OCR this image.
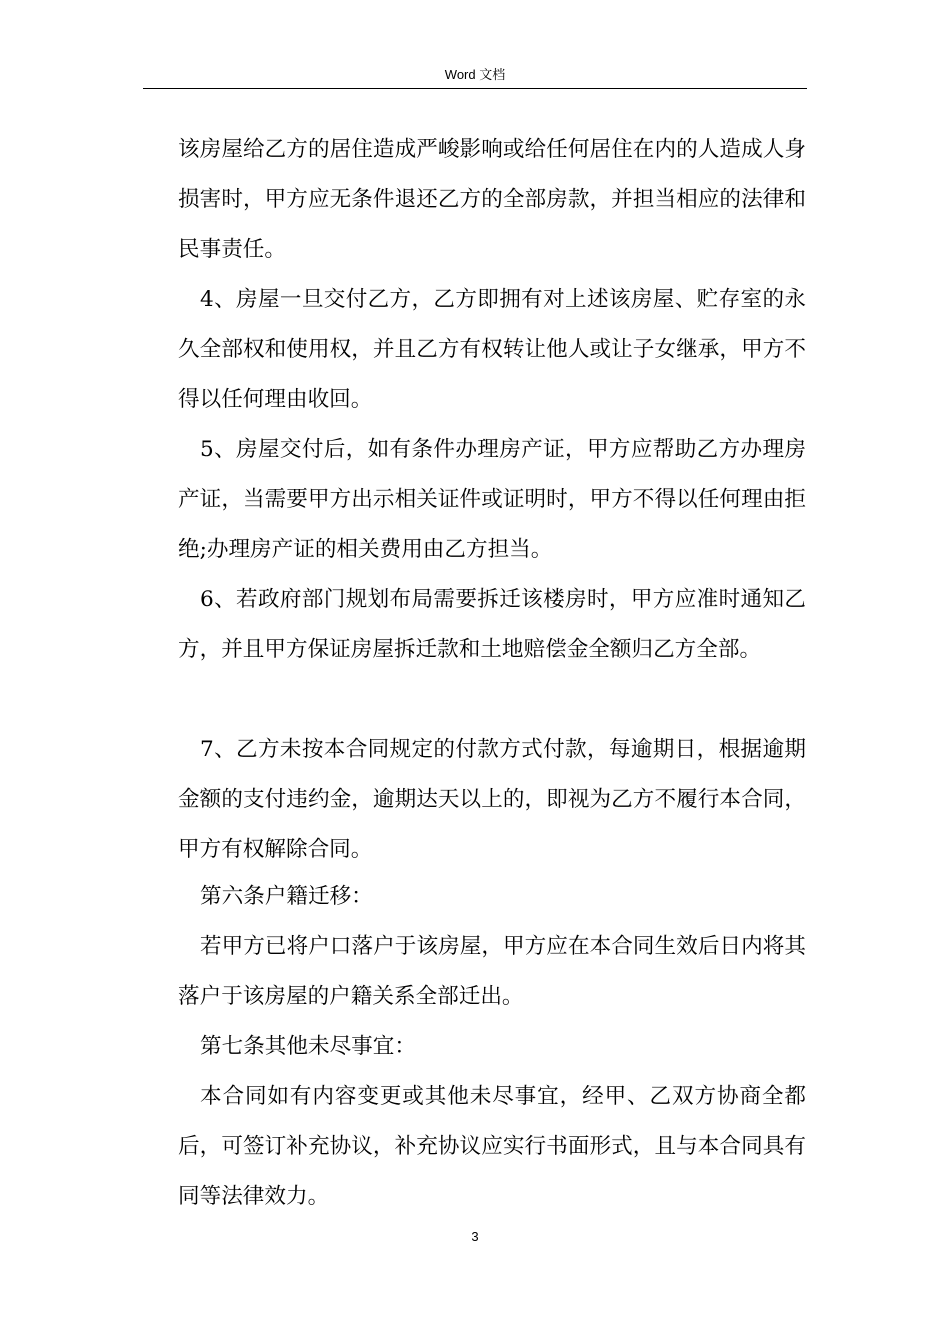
Word 文档

该房屋给乙方的居住造成严峻影响或给任何居住在内的人造成人身损害时，甲方应无条件退还乙方的全部房款，并担当相应的法律和民事责任。

4、房屋一旦交付乙方，乙方即拥有对上述该房屋、贮存室的永久全部权和使用权，并且乙方有权转让他人或让子女继承，甲方不得以任何理由收回。

5、房屋交付后，如有条件办理房产证，甲方应帮助乙方办理房产证，当需要甲方出示相关证件或证明时，甲方不得以任何理由拒绝;办理房产证的相关费用由乙方担当。

6、若政府部门规划布局需要拆迁该楼房时，甲方应准时通知乙方，并且甲方保证房屋拆迁款和土地赔偿金全额归乙方全部。

7、乙方未按本合同规定的付款方式付款，每逾期日，根据逾期金额的支付违约金，逾期达天以上的，即视为乙方不履行本合同，甲方有权解除合同。

第六条户籍迁移：

若甲方已将户口落户于该房屋，甲方应在本合同生效后日内将其落户于该房屋的户籍关系全部迁出。

第七条其他未尽事宜：

本合同如有内容变更或其他未尽事宜，经甲、乙双方协商全都后，可签订补充协议，补充协议应实行书面形式，且与本合同具有同等法律效力。

3
